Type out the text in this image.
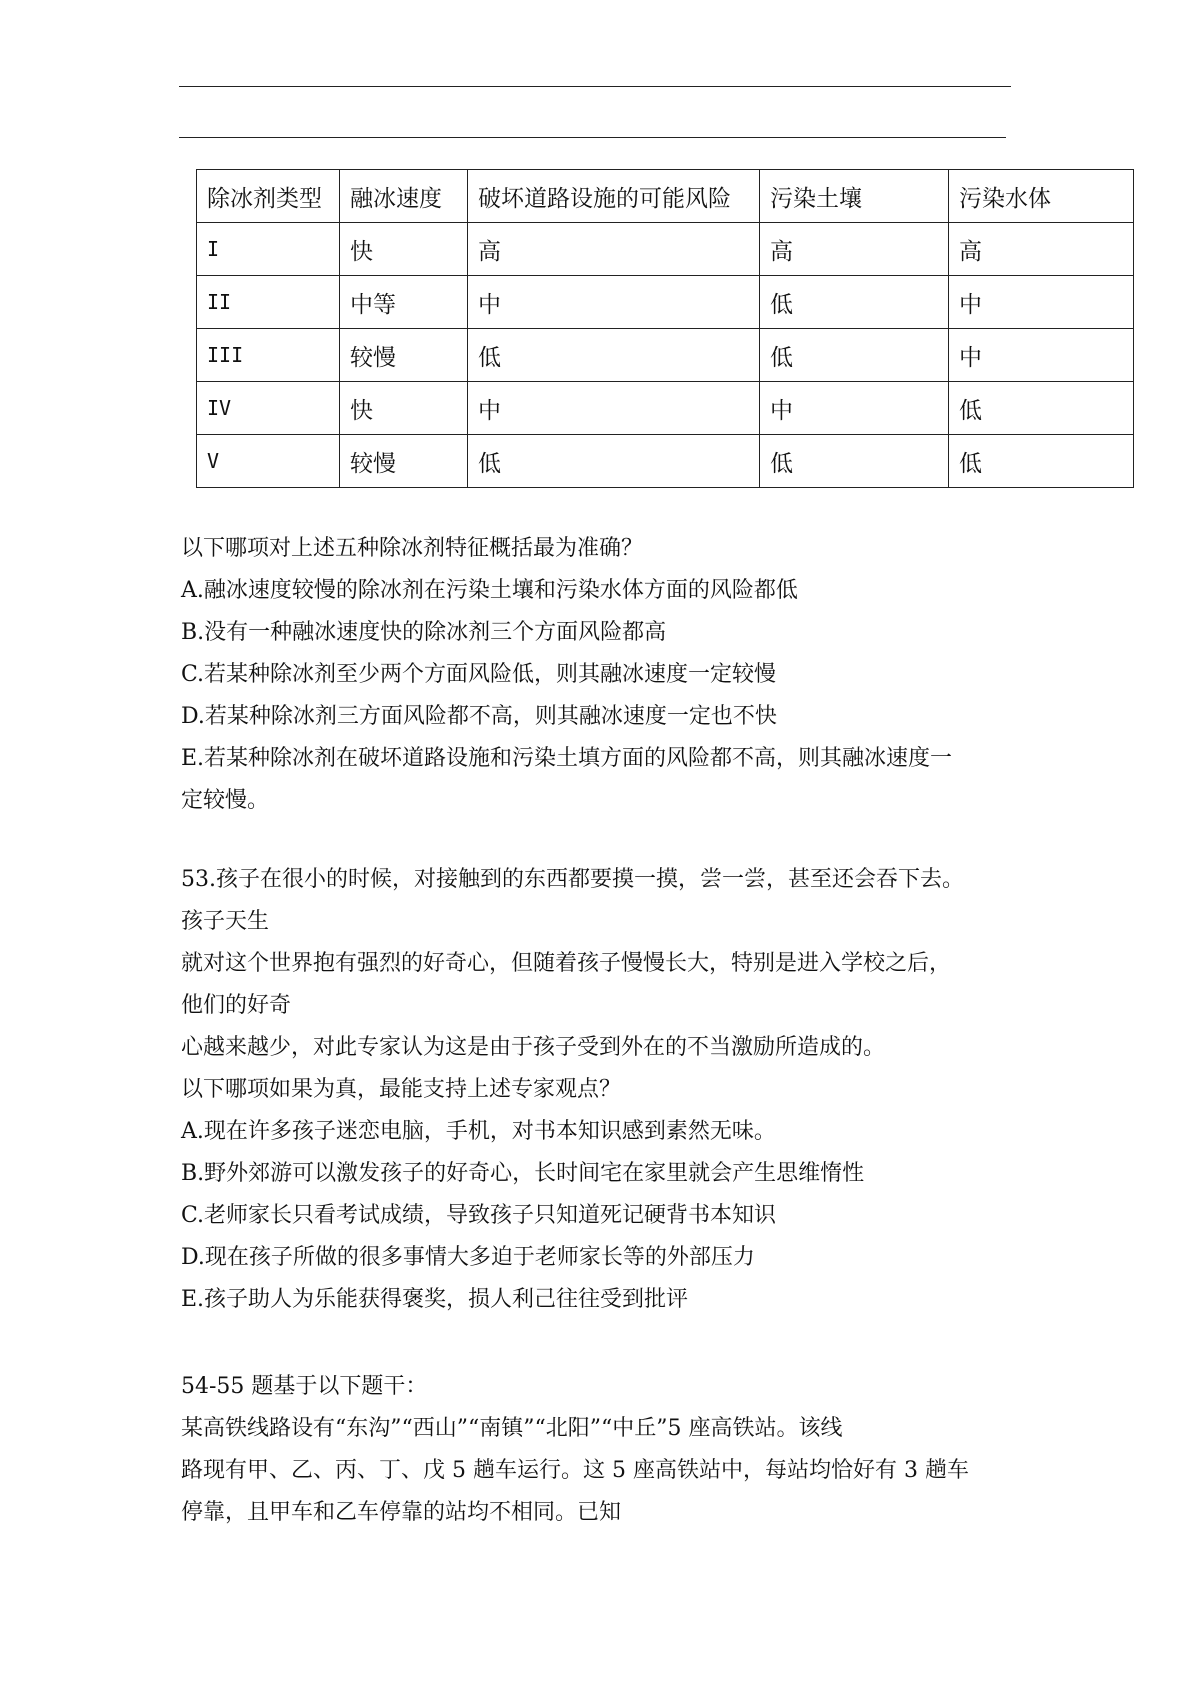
除冰剂类型	融冰速度	破坏道路设施的可能风险	污染土壤	污染水体
I	快	高	高	高
II	中等	中	低	中
III	较慢	低	低	中
IV	快	中	中	低
V	较慢	低	低	低

以下哪项对上述五种除冰剂特征概括最为准确？

A.融冰速度较慢的除冰剂在污染土壤和污染水体方面的风险都低

B.没有一种融冰速度快的除冰剂三个方面风险都高

C.若某种除冰剂至少两个方面风险低，则其融冰速度一定较慢

D.若某种除冰剂三方面风险都不高，则其融冰速度一定也不快

E.若某种除冰剂在破坏道路设施和污染土填方面的风险都不高，则其融冰速度一

定较慢。

53.孩子在很小的时候，对接触到的东西都要摸一摸，尝一尝，甚至还会吞下去。

孩子天生

就对这个世界抱有强烈的好奇心，但随着孩子慢慢长大，特别是进入学校之后，

他们的好奇

心越来越少，对此专家认为这是由于孩子受到外在的不当激励所造成的。

以下哪项如果为真，最能支持上述专家观点？

A.现在许多孩子迷恋电脑，手机，对书本知识感到素然无味。

B.野外郊游可以激发孩子的好奇心，长时间宅在家里就会产生思维惰性

C.老师家长只看考试成绩，导致孩子只知道死记硬背书本知识

D.现在孩子所做的很多事情大多迫于老师家长等的外部压力

E.孩子助人为乐能获得褒奖，损人利己往往受到批评

54-55 题基于以下题干：

某高铁线路设有“东沟”“西山”“南镇”“北阳”“中丘”5 座高铁站。该线

路现有甲、乙、丙、丁、戊 5 趟车运行。这 5 座高铁站中，每站均恰好有 3 趟车

停靠，且甲车和乙车停靠的站均不相同。已知
